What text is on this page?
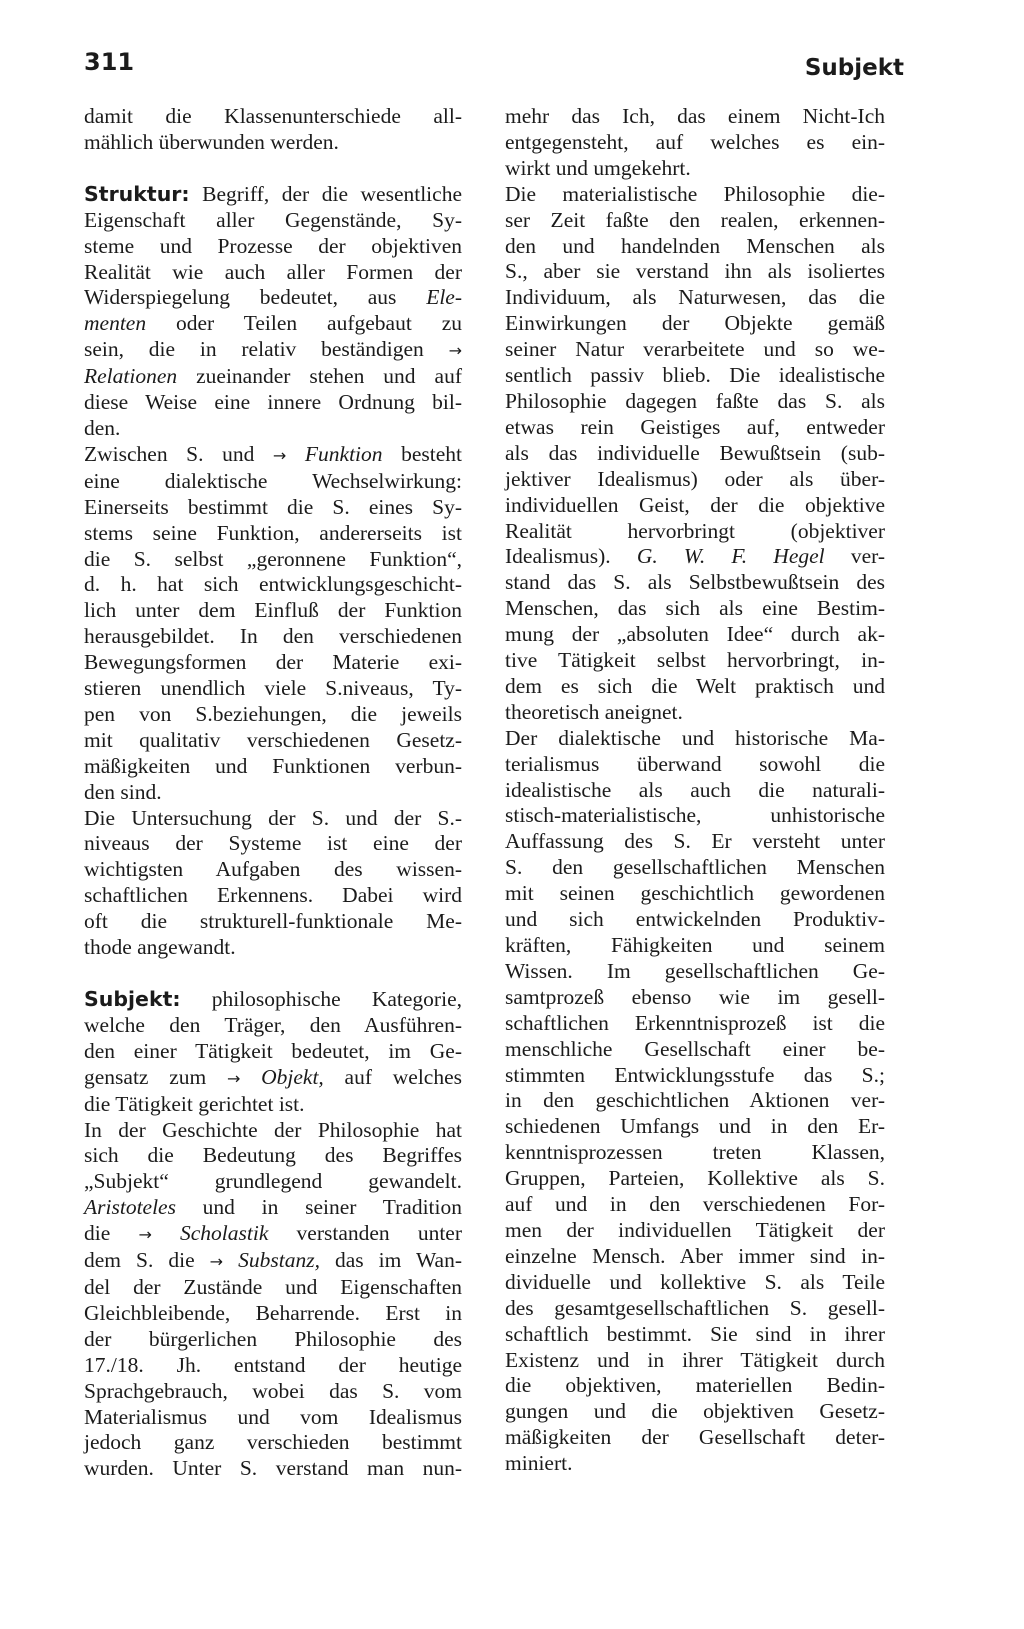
311	Subjekt
damit die Klassenunterschiede all-
mählich überwunden werden.
Struktur: Begriff, der die wesentliche
Eigenschaft aller Gegenstände, Sy-
steme und Prozesse der objektiven
Realität wie auch aller Formen der
Widerspiegelung bedeutet, aus Ele-
menten oder Teilen aufgebaut zu
sein, die in relativ beständigen →
Relationen zueinander stehen und auf
diese Weise eine innere Ordnung bil-
den.
Zwischen S. und → Funktion besteht
eine dialektische Wechselwirkung:
Einerseits bestimmt die S. eines Sy-
stems seine Funktion, andererseits ist
die S. selbst „geronnene Funktion“,
d. h. hat sich entwicklungsgeschicht-
lich unter dem Einfluß der Funktion
herausgebildet. In den verschiedenen
Bewegungsformen der Materie exi-
stieren unendlich viele S.niveaus, Ty-
pen von S.beziehungen, die jeweils
mit qualitativ verschiedenen Gesetz-
mäßigkeiten und Funktionen verbun-
den sind.
Die Untersuchung der S. und der S.-
niveaus der Systeme ist eine der
wichtigsten Aufgaben des wissen-
schaftlichen Erkennens. Dabei wird
oft die strukturell-funktionale Me-
thode angewandt.
Subjekt: philosophische Kategorie,
welche den Träger, den Ausführen-
den einer Tätigkeit bedeutet, im Ge-
gensatz zum → Objekt, auf welches
die Tätigkeit gerichtet ist.
In der Geschichte der Philosophie hat
sich die Bedeutung des Begriffes
„Subjekt“ grundlegend gewandelt.
Aristoteles und in seiner Tradition
die → Scholastik verstanden unter
dem S. die → Substanz, das im Wan-
del der Zustände und Eigenschaften
Gleichbleibende, Beharrende. Erst in
der bürgerlichen Philosophie des
17./18. Jh. entstand der heutige
Sprachgebrauch, wobei das S. vom
Materialismus und vom Idealismus
jedoch ganz verschieden bestimmt
wurden. Unter S. verstand man nun-
mehr das Ich, das einem Nicht-Ich
entgegensteht, auf welches es ein-
wirkt und umgekehrt.
Die materialistische Philosophie die-
ser Zeit faßte den realen, erkennen-
den und handelnden Menschen als
S., aber sie verstand ihn als isoliertes
Individuum, als Naturwesen, das die
Einwirkungen der Objekte gemäß
seiner Natur verarbeitete und so we-
sentlich passiv blieb. Die idealistische
Philosophie dagegen faßte das S. als
etwas rein Geistiges auf, entweder
als das individuelle Bewußtsein (sub-
jektiver Idealismus) oder als über-
individuellen Geist, der die objektive
Realität hervorbringt (objektiver
Idealismus). G. W. F. Hegel ver-
stand das S. als Selbstbewußtsein des
Menschen, das sich als eine Bestim-
mung der „absoluten Idee“ durch ak-
tive Tätigkeit selbst hervorbringt, in-
dem es sich die Welt praktisch und
theoretisch aneignet.
Der dialektische und historische Ma-
terialismus überwand sowohl die
idealistische als auch die naturali-
stisch-materialistische, unhistorische
Auffassung des S. Er versteht unter
S. den gesellschaftlichen Menschen
mit seinen geschichtlich gewordenen
und sich entwickelnden Produktiv-
kräften, Fähigkeiten und seinem
Wissen. Im gesellschaftlichen Ge-
samtprozeß ebenso wie im gesell-
schaftlichen Erkenntnisprozeß ist die
menschliche Gesellschaft einer be-
stimmten Entwicklungsstufe das S.;
in den geschichtlichen Aktionen ver-
schiedenen Umfangs und in den Er-
kenntnisprozessen treten Klassen,
Gruppen, Parteien, Kollektive als S.
auf und in den verschiedenen For-
men der individuellen Tätigkeit der
einzelne Mensch. Aber immer sind in-
dividuelle und kollektive S. als Teile
des gesamtgesellschaftlichen S. gesell-
schaftlich bestimmt. Sie sind in ihrer
Existenz und in ihrer Tätigkeit durch
die objektiven, materiellen Bedin-
gungen und die objektiven Gesetz-
mäßigkeiten der Gesellschaft deter-
miniert.
